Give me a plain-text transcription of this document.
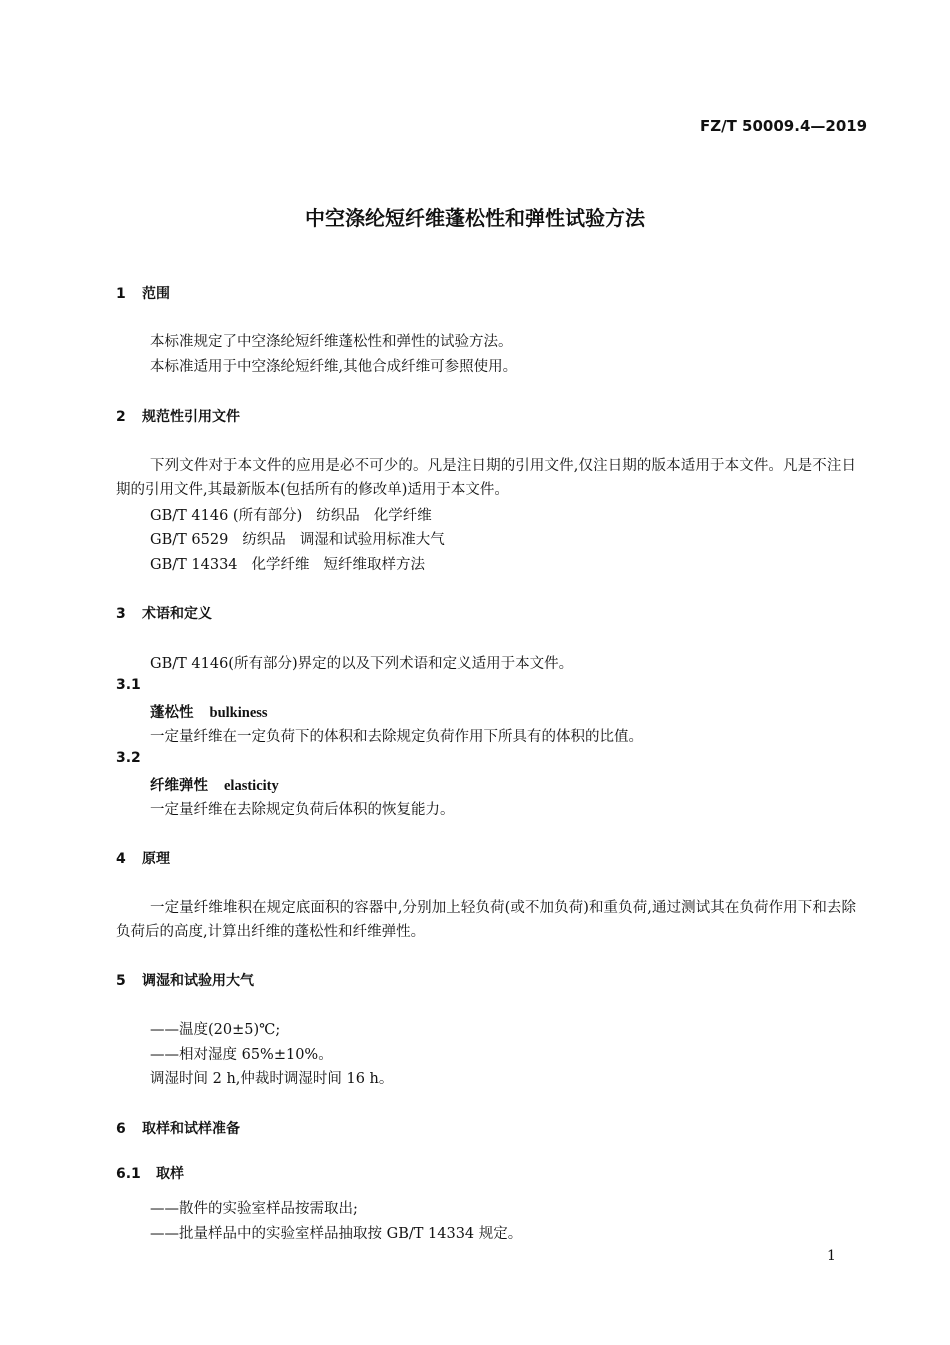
FZ/T 50009.4—2019
中空涤纶短纤维蓬松性和弹性试验方法
1 范围
本标准规定了中空涤纶短纤维蓬松性和弹性的试验方法。
本标准适用于中空涤纶短纤维,其他合成纤维可参照使用。
2 规范性引用文件
下列文件对于本文件的应用是必不可少的。凡是注日期的引用文件,仅注日期的版本适用于本文件。凡是不注日期的引用文件,其最新版本(包括所有的修改单)适用于本文件。
GB/T 4146 (所有部分) 纺织品 化学纤维
GB/T 6529 纺织品 调湿和试验用标准大气
GB/T 14334 化学纤维 短纤维取样方法
3 术语和定义
GB/T 4146(所有部分)界定的以及下列术语和定义适用于本文件。
3.1
蓬松性 bulkiness
一定量纤维在一定负荷下的体积和去除规定负荷作用下所具有的体积的比值。
3.2
纤维弹性 elasticity
一定量纤维在去除规定负荷后体积的恢复能力。
4 原理
一定量纤维堆积在规定底面积的容器中,分别加上轻负荷(或不加负荷)和重负荷,通过测试其在负荷作用下和去除负荷后的高度,计算出纤维的蓬松性和纤维弹性。
5 调湿和试验用大气
——温度(20±5)℃;
——相对湿度 65%±10%。
调湿时间 2 h,仲裁时调湿时间 16 h。
6 取样和试样准备
6.1 取样
——散件的实验室样品按需取出;
——批量样品中的实验室样品抽取按 GB/T 14334 规定。
1
